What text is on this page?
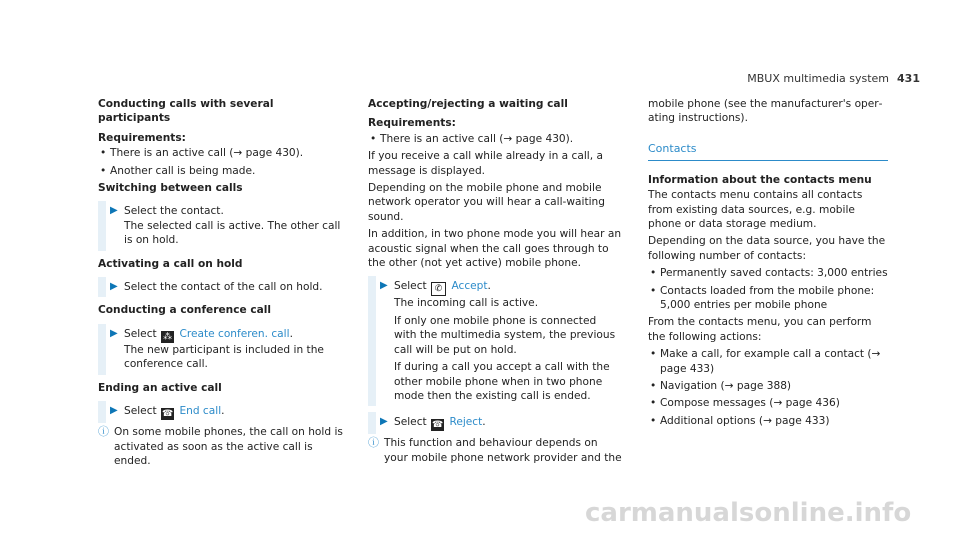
MBUX multimedia system 431

Conducting calls with several participants

Requirements:

• There is an active call (→ page 430).
• Another call is being made.

Switching between calls

▶ Select the contact.
The selected call is active. The other call is on hold.

Activating a call on hold

▶ Select the contact of the call on hold.

Conducting a conference call

▶ Select ⁂ Create conferen. call.
The new participant is included in the conference call.

Ending an active call

▶ Select ☎ End call.
ⓘ On some mobile phones, the call on hold is activated as soon as the active call is ended.

Accepting/rejecting a waiting call

Requirements:

• There is an active call (→ page 430).

If you receive a call while already in a call, a message is displayed.

Depending on the mobile phone and mobile network operator you will hear a call-waiting sound.

In addition, in two phone mode you will hear an acoustic signal when the call goes through to the other (not yet active) mobile phone.

▶ Select ✆ Accept.
The incoming call is active.
If only one mobile phone is connected with the multimedia system, the previous call will be put on hold.
If during a call you accept a call with the other mobile phone when in two phone mode then the existing call is ended.
▶ Select ☎ Reject.
ⓘ This function and behaviour depends on your mobile phone network provider and the

mobile phone (see the manufacturer's operating instructions).

Contacts

Information about the contacts menu

The contacts menu contains all contacts from existing data sources, e.g. mobile phone or data storage medium.

Depending on the data source, you have the following number of contacts:

• Permanently saved contacts: 3,000 entries
• Contacts loaded from the mobile phone: 5,000 entries per mobile phone

From the contacts menu, you can perform the following actions:

• Make a call, for example call a contact (→ page 433)
• Navigation (→ page 388)
• Compose messages (→ page 436)
• Additional options (→ page 433)
carmanualsonline.info
